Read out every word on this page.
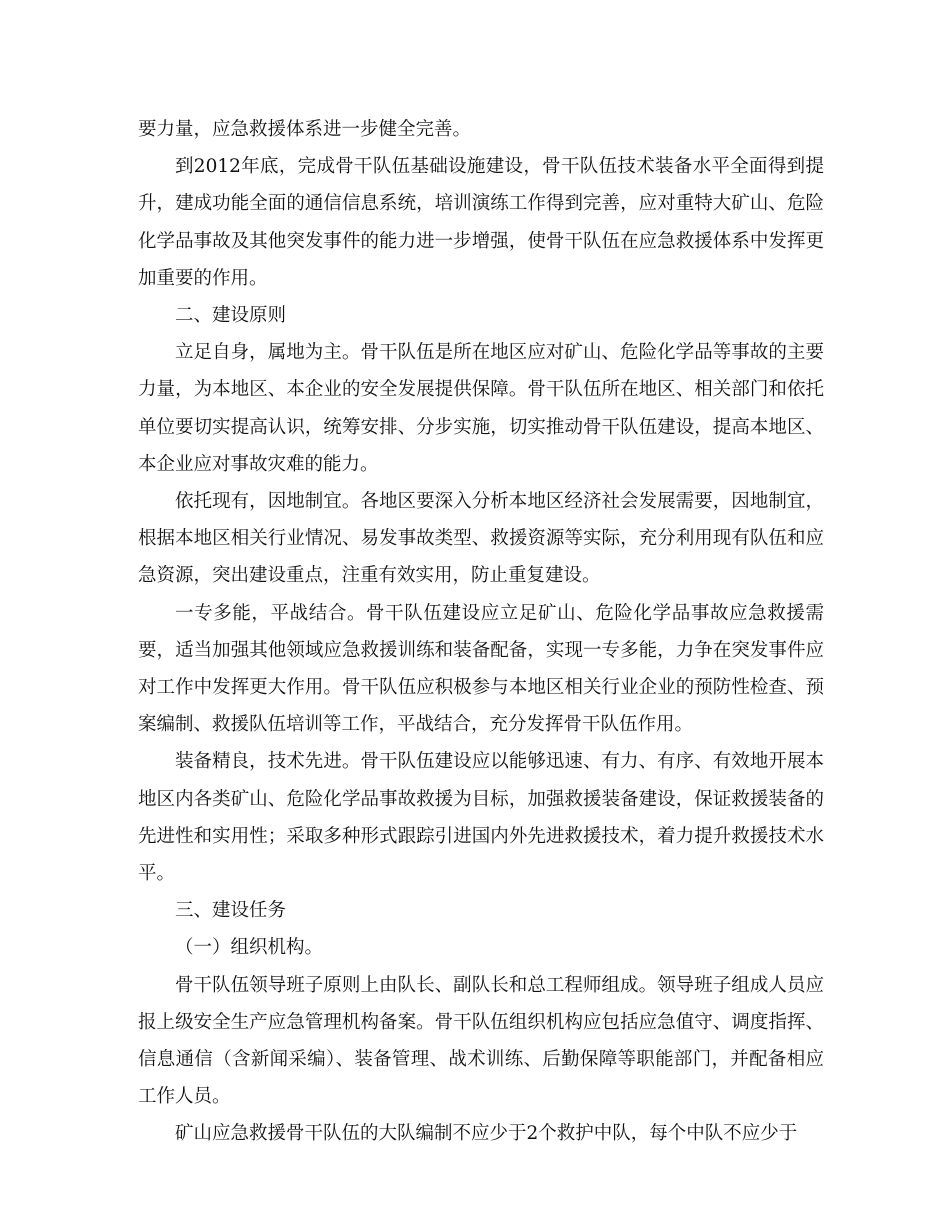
要力量，应急救援体系进一步健全完善。

到2012年底，完成骨干队伍基础设施建设，骨干队伍技术装备水平全面得到提升，建成功能全面的通信信息系统，培训演练工作得到完善，应对重特大矿山、危险化学品事故及其他突发事件的能力进一步增强，使骨干队伍在应急救援体系中发挥更加重要的作用。

二、建设原则

立足自身，属地为主。骨干队伍是所在地区应对矿山、危险化学品等事故的主要力量，为本地区、本企业的安全发展提供保障。骨干队伍所在地区、相关部门和依托单位要切实提高认识，统筹安排、分步实施，切实推动骨干队伍建设，提高本地区、本企业应对事故灾难的能力。

依托现有，因地制宜。各地区要深入分析本地区经济社会发展需要，因地制宜，根据本地区相关行业情况、易发事故类型、救援资源等实际，充分利用现有队伍和应急资源，突出建设重点，注重有效实用，防止重复建设。

一专多能，平战结合。骨干队伍建设应立足矿山、危险化学品事故应急救援需要，适当加强其他领域应急救援训练和装备配备，实现一专多能，力争在突发事件应对工作中发挥更大作用。骨干队伍应积极参与本地区相关行业企业的预防性检查、预案编制、救援队伍培训等工作，平战结合，充分发挥骨干队伍作用。

装备精良，技术先进。骨干队伍建设应以能够迅速、有力、有序、有效地开展本地区内各类矿山、危险化学品事故救援为目标，加强救援装备建设，保证救援装备的先进性和实用性；采取多种形式跟踪引进国内外先进救援技术，着力提升救援技术水平。

三、建设任务

（一）组织机构。

骨干队伍领导班子原则上由队长、副队长和总工程师组成。领导班子组成人员应报上级安全生产应急管理机构备案。骨干队伍组织机构应包括应急值守、调度指挥、信息通信（含新闻采编）、装备管理、战术训练、后勤保障等职能部门，并配备相应工作人员。

矿山应急救援骨干队伍的大队编制不应少于2个救护中队，每个中队不应少于
